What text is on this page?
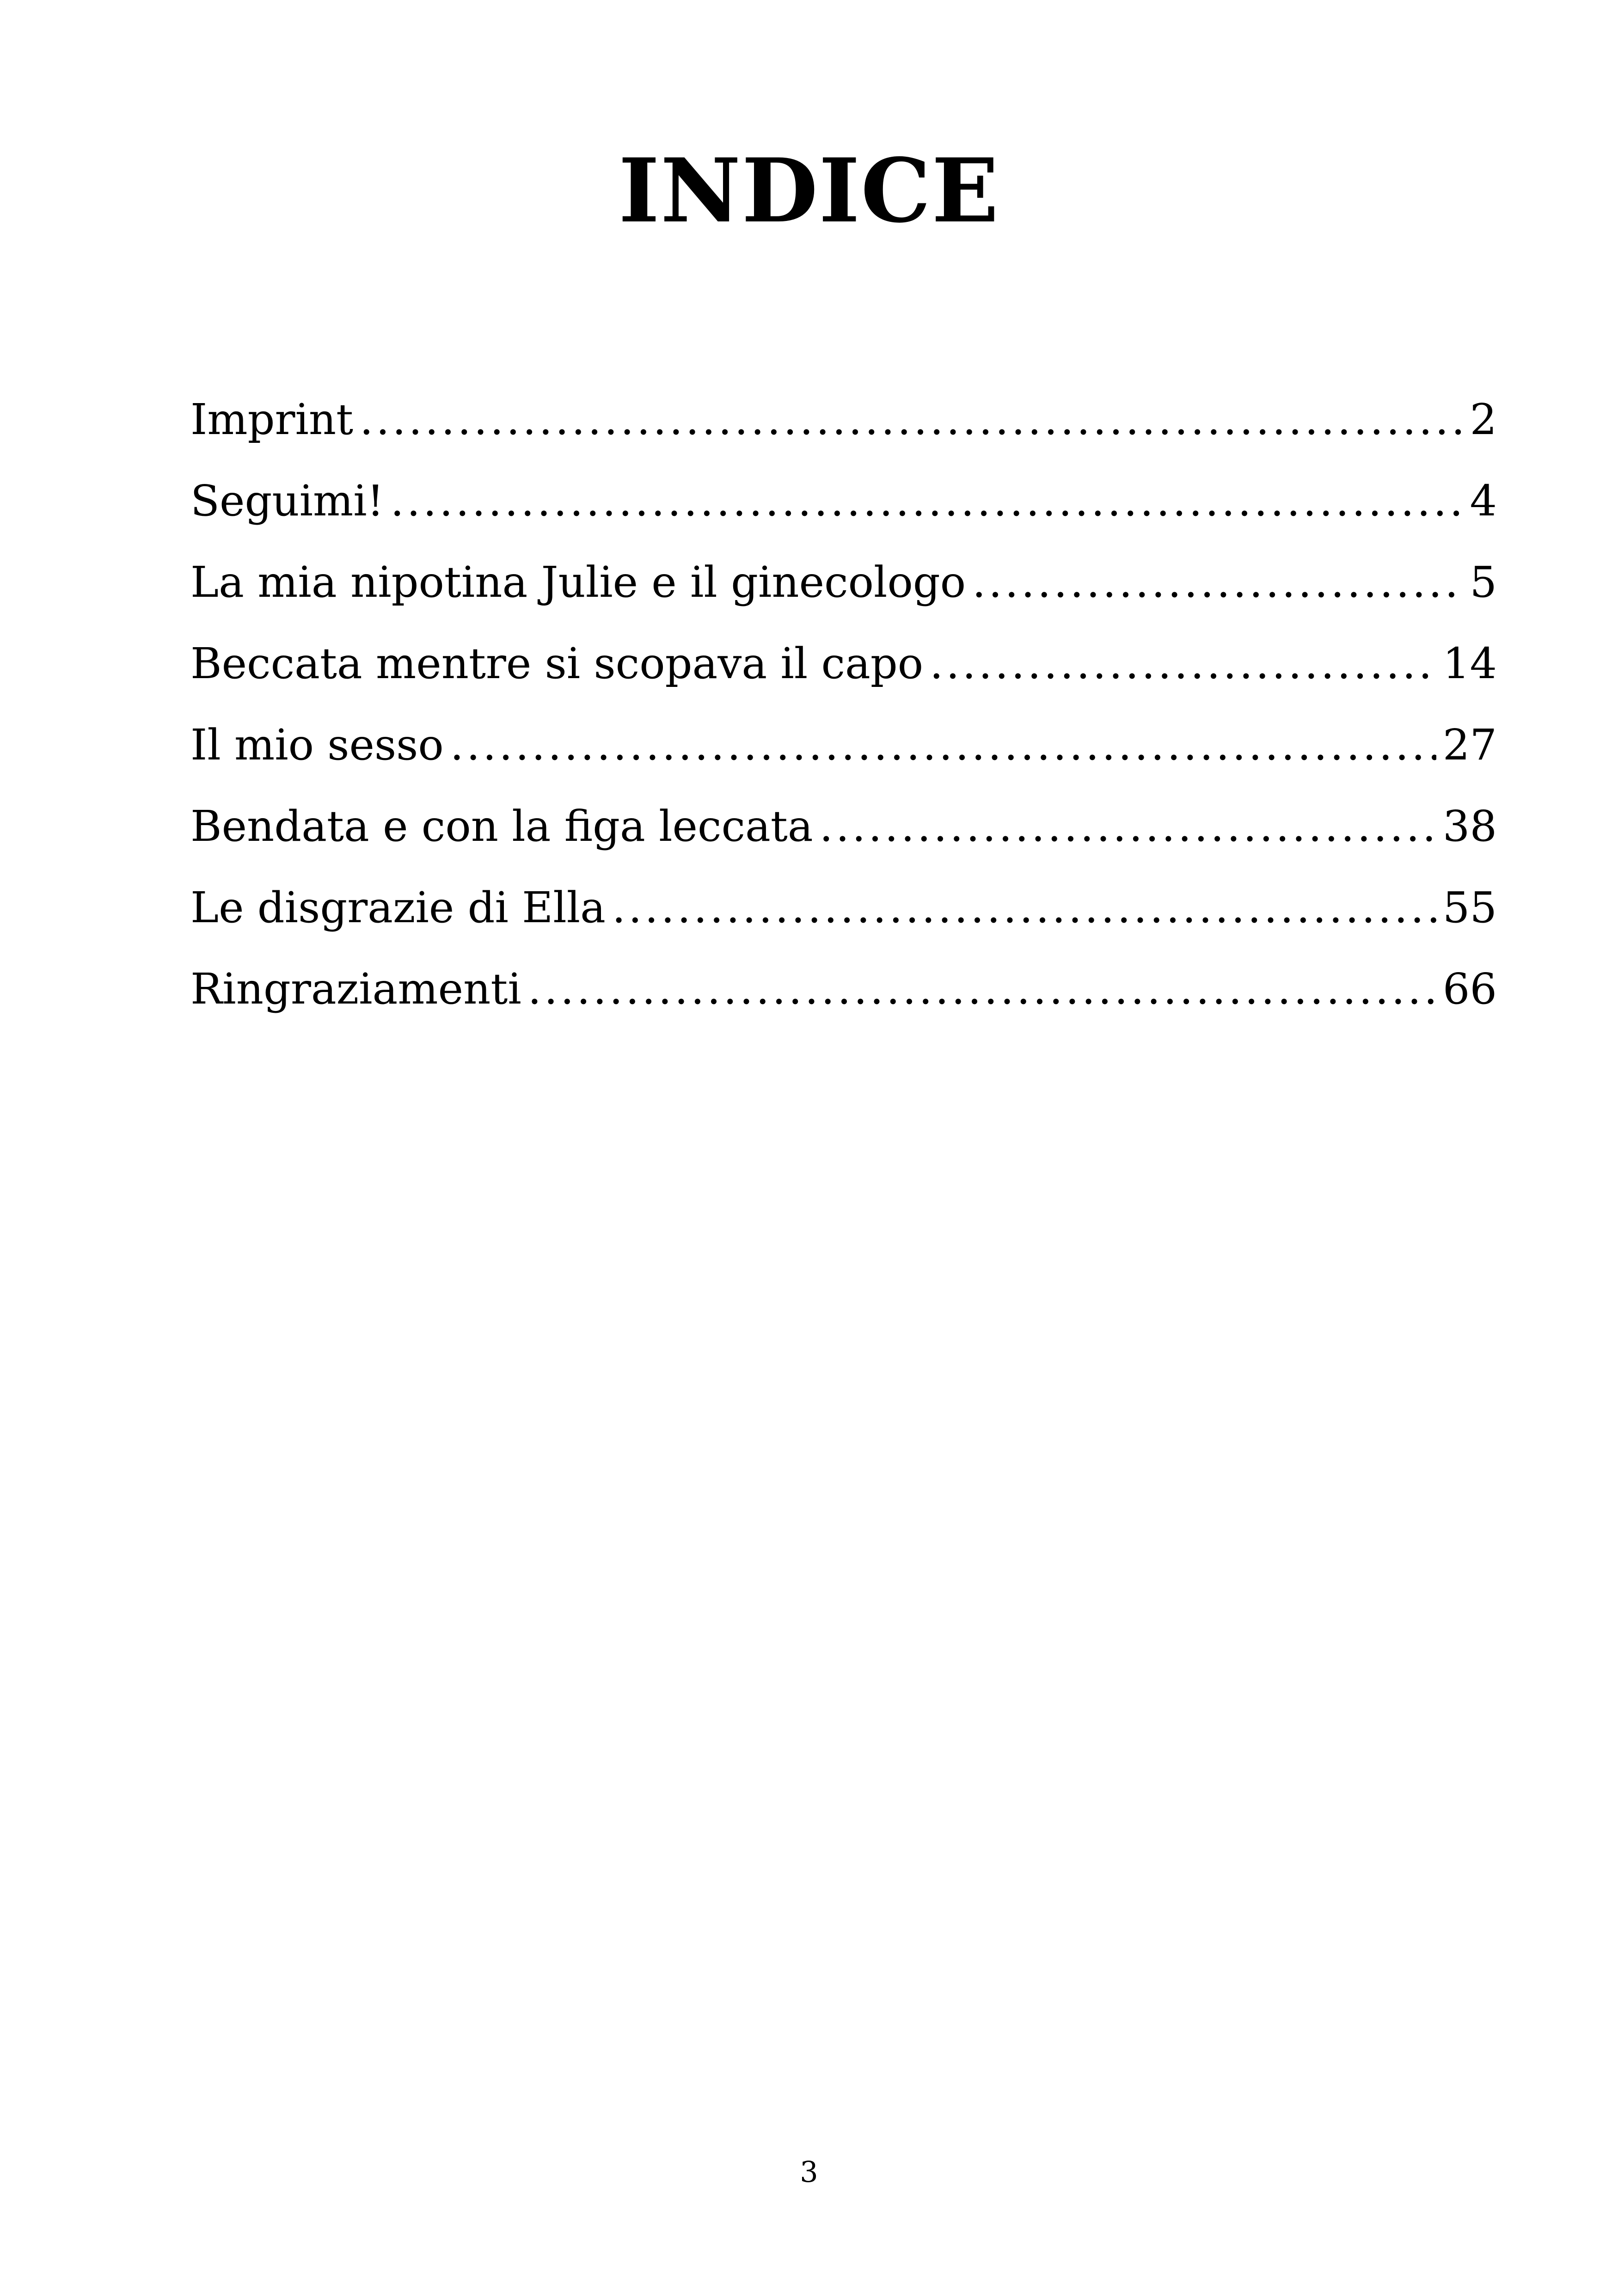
INDICE
Imprint .....	2
Seguimi! .....	4
La mia nipotina Julie e il ginecologo .....	5
Beccata mentre si scopava il capo .....	14
Il mio sesso .....	27
Bendata e con la figa leccata .....	38
Le disgrazie di Ella .....	55
Ringraziamenti .....	66
3
